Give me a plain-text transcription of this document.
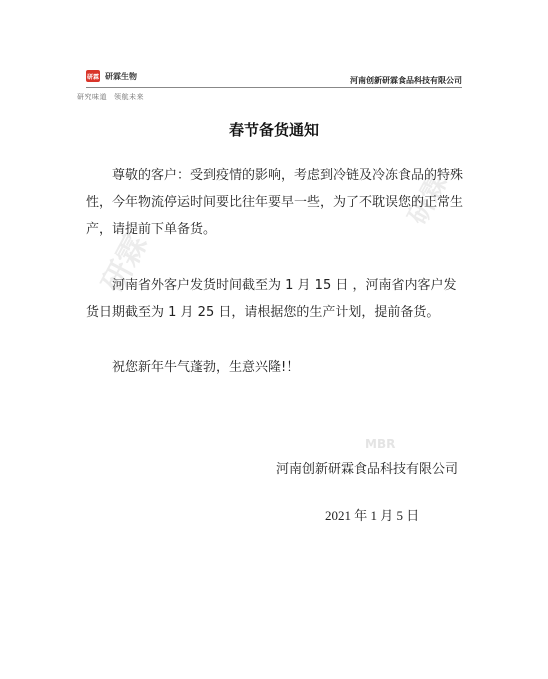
研霖 研霖生物	河南创新研霖食品科技有限公司
研究味道 领航未来
研霖
研霖
MBR
春节备货通知

尊敬的客户：受到疫情的影响，考虑到冷链及冷冻食品的特殊性，今年物流停运时间要比往年要早一些，为了不耽误您的正常生产，请提前下单备货。

河南省外客户发货时间截至为 1 月 15 日 ，河南省内客户发货日期截至为 1 月 25 日，请根据您的生产计划，提前备货。

祝您新年牛气蓬勃，生意兴隆!！

河南创新研霖食品科技有限公司
2021 年 1 月 5 日
